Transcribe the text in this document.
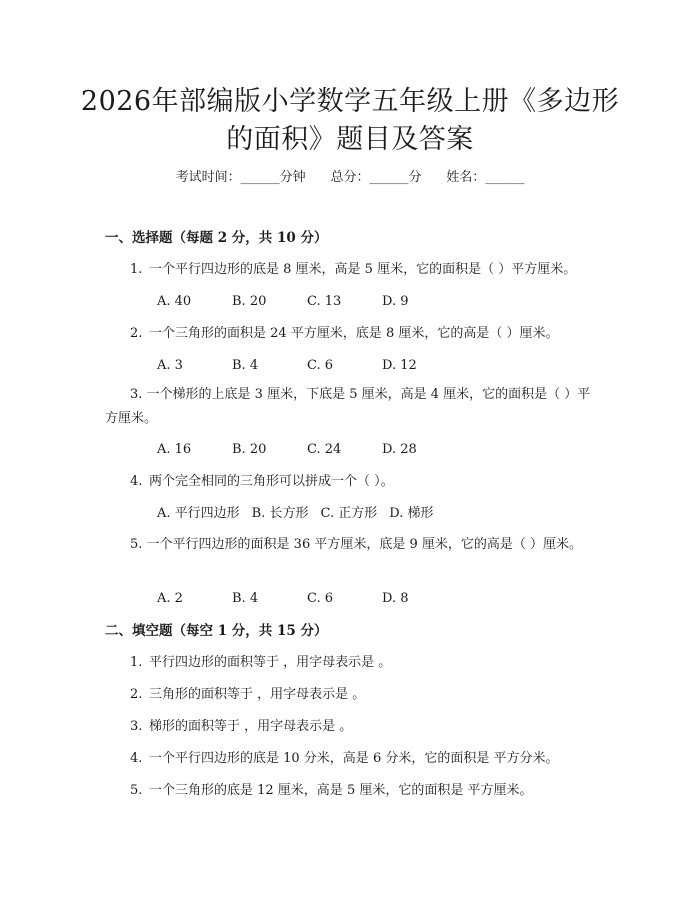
2026年部编版小学数学五年级上册《多边形
的面积》题目及答案
考试时间：______分钟 总分：______分 姓名：______
一、选择题（每题 2 分，共 10 分）
1. 一个平行四边形的底是 8 厘米，高是 5 厘米，它的面积是（ ）平方厘米。
A. 40	B. 20	C. 13	D. 9
2. 一个三角形的面积是 24 平方厘米，底是 8 厘米，它的高是（ ）厘米。
A. 3	B. 4	C. 6	D. 12
3. 一个梯形的上底是 3 厘米，下底是 5 厘米，高是 4 厘米，它的面积是（ ）平方厘米。
A. 16	B. 20	C. 24	D. 28
4. 两个完全相同的三角形可以拼成一个（ ）。
A. 平行四边形 B. 长方形 C. 正方形 D. 梯形
5. 一个平行四边形的面积是 36 平方厘米，底是 9 厘米，它的高是（ ）厘米。
A. 2	B. 4	C. 6	D. 8
二、填空题（每空 1 分，共 15 分）
1. 平行四边形的面积等于 ，用字母表示是 。
2. 三角形的面积等于 ，用字母表示是 。
3. 梯形的面积等于 ，用字母表示是 。
4. 一个平行四边形的底是 10 分米，高是 6 分米，它的面积是 平方分米。
5. 一个三角形的底是 12 厘米，高是 5 厘米，它的面积是 平方厘米。
